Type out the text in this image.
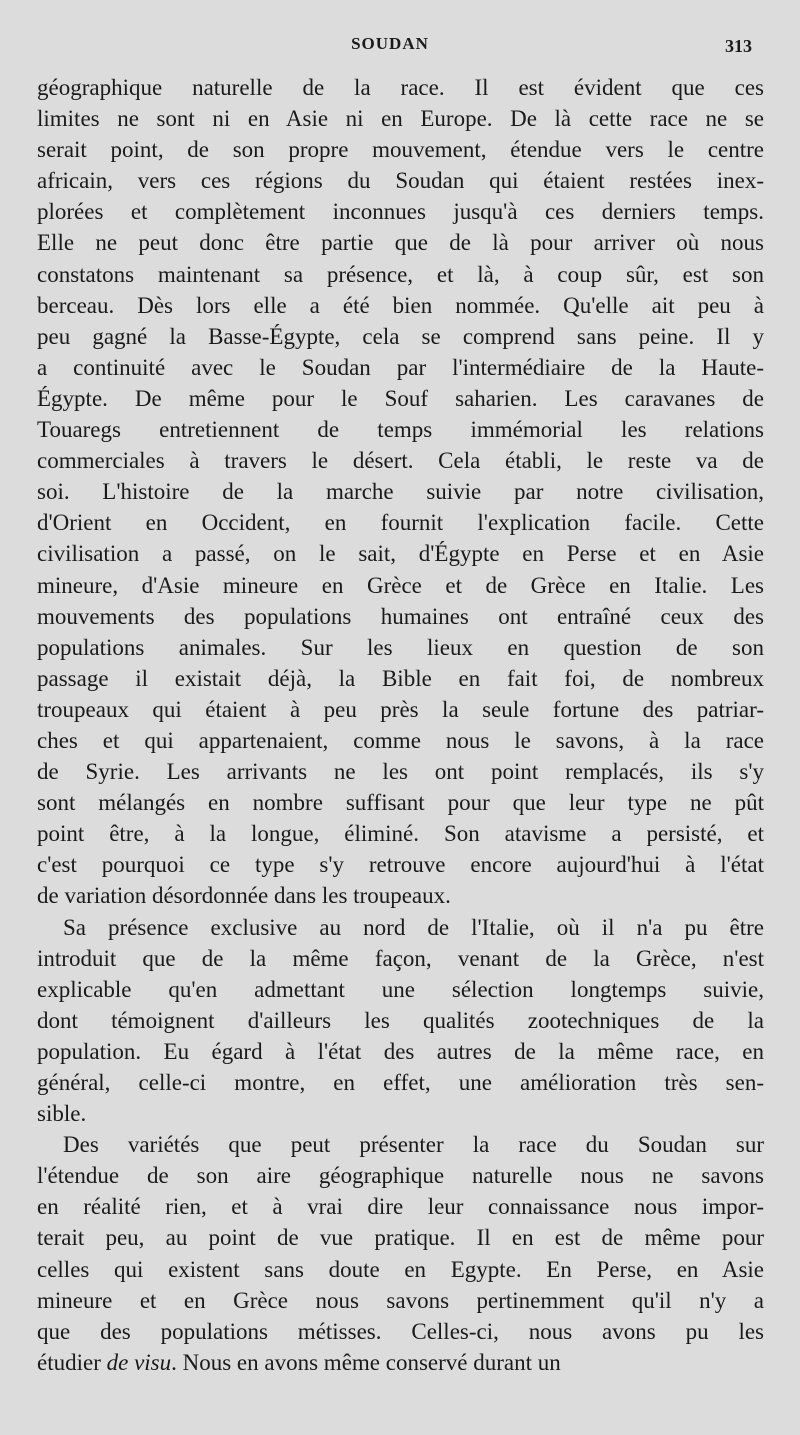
SOUDAN	313
géographique naturelle de la race. Il est évident que ces
limites ne sont ni en Asie ni en Europe. De là cette race ne se
serait point, de son propre mouvement, étendue vers le centre
africain, vers ces régions du Soudan qui étaient restées inex-
plorées et complètement inconnues jusqu'à ces derniers temps.
Elle ne peut donc être partie que de là pour arriver où nous
constatons maintenant sa présence, et là, à coup sûr, est son
berceau. Dès lors elle a été bien nommée. Qu'elle ait peu à
peu gagné la Basse-Égypte, cela se comprend sans peine. Il y
a continuité avec le Soudan par l'intermédiaire de la Haute-
Égypte. De même pour le Souf saharien. Les caravanes de
Touaregs entretiennent de temps immémorial les relations
commerciales à travers le désert. Cela établi, le reste va de
soi. L'histoire de la marche suivie par notre civilisation,
d'Orient en Occident, en fournit l'explication facile. Cette
civilisation a passé, on le sait, d'Égypte en Perse et en Asie
mineure, d'Asie mineure en Grèce et de Grèce en Italie. Les
mouvements des populations humaines ont entraîné ceux des
populations animales. Sur les lieux en question de son
passage il existait déjà, la Bible en fait foi, de nombreux
troupeaux qui étaient à peu près la seule fortune des patriar-
ches et qui appartenaient, comme nous le savons, à la race
de Syrie. Les arrivants ne les ont point remplacés, ils s'y
sont mélangés en nombre suffisant pour que leur type ne pût
point être, à la longue, éliminé. Son atavisme a persisté, et
c'est pourquoi ce type s'y retrouve encore aujourd'hui à l'état
de variation désordonnée dans les troupeaux.
Sa présence exclusive au nord de l'Italie, où il n'a pu être
introduit que de la même façon, venant de la Grèce, n'est
explicable qu'en admettant une sélection longtemps suivie,
dont témoignent d'ailleurs les qualités zootechniques de la
population. Eu égard à l'état des autres de la même race, en
général, celle-ci montre, en effet, une amélioration très sen-
sible.
Des variétés que peut présenter la race du Soudan sur
l'étendue de son aire géographique naturelle nous ne savons
en réalité rien, et à vrai dire leur connaissance nous impor-
terait peu, au point de vue pratique. Il en est de même pour
celles qui existent sans doute en Egypte. En Perse, en Asie
mineure et en Grèce nous savons pertinemment qu'il n'y a
que des populations métisses. Celles-ci, nous avons pu les
étudier de visu. Nous en avons même conservé durant un
